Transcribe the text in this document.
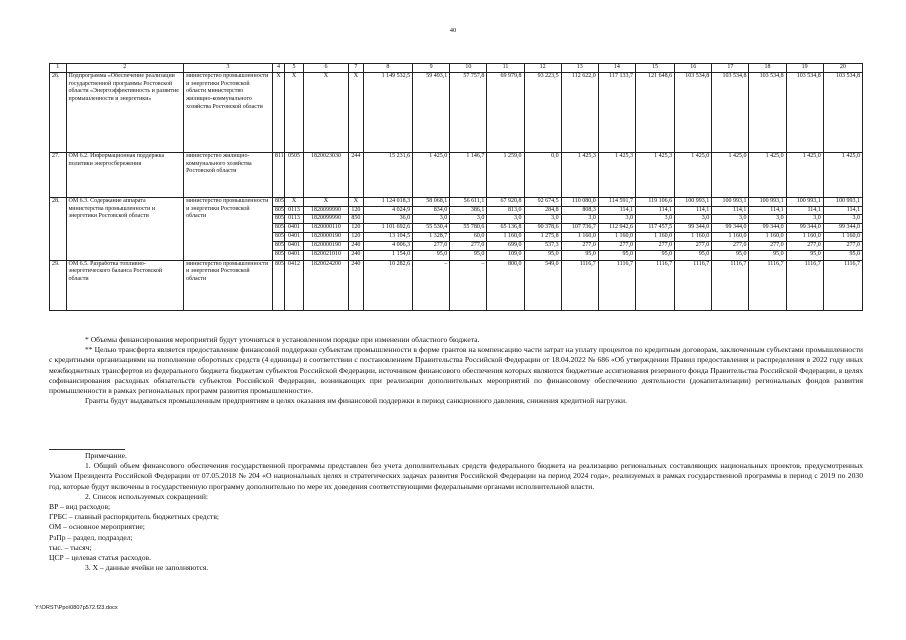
40
1	2	3	4	5	6	7	8	9	10	11	12	13	14	15	16	17	18	19	20
26.	Подпрограмма «Обеспечение реализации государственной программы Ростовской области «Энергоэффективность и развитие промышленности и энергетики»	министерство промышленности и энергетики Ростовской области министерство жилищно-коммунального хозяйства Ростовской области	X	X	X	X	1 149 532,5	59 493,1	57 757,8	69 979,8	93 223,5	112 622,0	117 133,7	121 648,6	103 534,8	103 534,8	103 534,8	103 534,8	103 534,8
27.	ОМ 6.2. Информационная поддержка политики энергосбережения	министерство жилищно-коммунального хозяйства Ростовской области	811	0505	1820023030	244	15 231,6	1 425,0	1 146,7	1 259,0	0,0	1 425,3	1 425,3	1 425,3	1 425,0	1 425,0	1 425,0	1 425,0	1 425,0
28.	ОМ 6.3. Содержание аппарата министерства промышленности и энергетики Ростовской области	министерство промышленности и энергетики Ростовской области	805	X	X	X	1 124 018,3	58 068,1	56 611,1	67 920,8	92 674,5	110 080,0	114 591,7	119 106,6	100 993,1	100 993,1	100 993,1	100 993,1	100 993,1
			805	0113	1820099990	120	4 024,9	834,0	386,1	813,0	284,8	808,3	114,1	114,1	114,1	114,1	114,1	114,1	114,1
			805	0113	1820099990	850	36,0	3,0	3,0	3,0	3,0	3,0	3,0	3,0	3,0	3,0	3,0	3,0	3,0
			805	0401	1820000110	120	1 101 692,6	55 530,4	55 780,6	65 136,8	90 378,6	107 736,7	112 942,6	117 457,5	99 344,0	99 344,0	99 344,0	99 344,0	99 344,0
			805	0401	1820000190	120	13 104,5	1 328,7	60,0	1 160,0	1 275,8	1 160,0	1 160,0	1 160,0	1 160,0	1 160,0	1 160,0	1 160,0	1 160,0
			805	0401	1820000190	240	4 006,3	277,0	277,0	699,0	537,3	277,0	277,0	277,0	277,0	277,0	277,0	277,0	277,0
			805	0401	1820021010	240	1 154,0	95,0	95,0	109,0	95,0	95,0	95,0	95,0	95,0	95,0	95,0	95,0	95,0
29.	ОМ 6.5. Разработка топливно-энергетического баланса Ростовской области	министерство промышленности и энергетики Ростовской области	805	0412	1820024200	240	10 282,6	–	–	800,0	549,0	1116,7	1116,7	1116,7	1116,7	1116,7	1116,7	1116,7	1116,7

* Объемы финансирования мероприятий будут уточняться в установленном порядке при изменении областного бюджета.

** Целью трансферта является предоставление финансовой поддержки субъектам промышленности в форме грантов на компенсацию части затрат на уплату процентов по кредитным договорам, заключенным субъектами промышленности с кредитными организациями на пополнение оборотных средств (4 единицы) в соответствии с постановлением Правительства Российской Федерации от 18.04.2022 № 686 «Об утверждении Правил предоставления и распределения в 2022 году иных межбюджетных трансфертов из федерального бюджета бюджетам субъектов Российской Федерации, источником финансового обеспечения которых являются бюджетные ассигнования резервного фонда Правительства Российской Федерации, в целях софинансирования расходных обязательств субъектов Российской Федерации, возникающих при реализации дополнительных мероприятий по финансовому обеспечению деятельности (докапитализации) региональных фондов развития промышленности в рамках региональных программ развития промышленности».

Гранты будут выдаваться промышленным предприятиям в целях оказания им финансовой поддержки в период санкционного давления, снижения кредитной нагрузки.

Примечание.

1. Общий объем финансового обеспечения государственной программы представлен без учета дополнительных средств федерального бюджета на реализацию региональных составляющих национальных проектов, предусмотренных Указом Президента Российской Федерации от 07.05.2018 № 204 «О национальных целях и стратегических задачах развития Российской Федерации на период 2024 года», реализуемых в рамках государственной программы в период с 2019 по 2030 год, которые будут включены в государственную программу дополнительно по мере их доведения соответствующими федеральными органами исполнительной власти.

2. Список используемых сокращений:

ВР – вид расходов;

ГРБС – главный распорядитель бюджетных средств;

ОМ – основное мероприятие;

РзПр – раздел, подраздел;

тыс. – тысяч;

ЦСР – целевая статья расходов.

3. Х – данные ячейки не заполняются.

Y:\ORST\Ppo\0807p572.f23.docx
